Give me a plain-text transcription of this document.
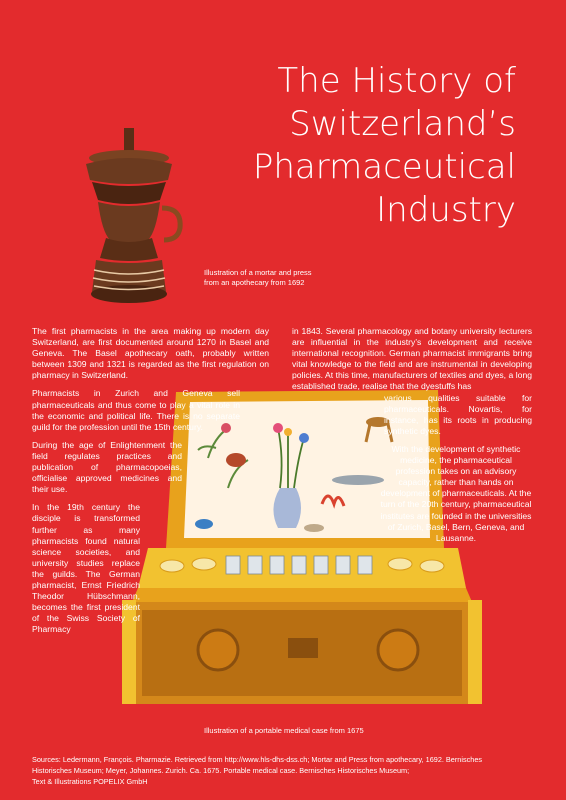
The History of
Switzerland’s
Pharmaceutical
Industry
Illustration of a mortar and press
from an apothecary from 1692

The first pharmacists in the area making up modern day Switzerland, are first documented around 1270 in Basel and Geneva. The Basel apothecary oath, probably written between 1309 and 1321 is regarded as the first regulation on pharmacy in Switzerland.

Pharmacists in Zurich and Geneva sell pharmaceuticals and thus come to play a vital role in the economic and political life. There is no separate guild for the profession until the 15th century.

During the age of Enlightenment the field regulates practices and publication of pharmacopoeias, officialise approved medicines and their use.

In the 19th century the disciple is transformed further as many pharmacists found natural science societies, and university studies replace the guilds. The German pharmacist, Ernst Friedrich Theodor Hübschmann, becomes the first president of the Swiss Society of Pharmacy

in 1843. Several pharmacology and botany university lecturers are influential in the industry’s development and receive international recognition. German pharmacist immigrants bring vital knowledge to the field and are instrumental in developing policies. At this time, manufacturers of textiles and dyes, a long established trade, realise that the dyestuffs has

various qualities suitable for pharmaceuticals. Novartis, for instance, has its roots in producing synthetic dyes.

With the development of synthetic medicine, the pharmaceutical profession takes on an advisory capacity, rather than hands on development of pharmaceuticals. At the turn of the 20th century, pharmaceutical institutes are founded in the universities of Zurich, Basel, Bern, Geneva, and Lausanne.

Illustration of a portable medical case from 1675
Sources: Ledermann, François. Pharmazie. Retrieved from http://www.hls-dhs-dss.ch; Mortar and Press from apothecary, 1692. Bernisches
Historisches Museum; Meyer, Johannes. Zurich. Ca. 1675. Portable medical case. Bernisches Historisches Museum;
Text & Illustrations POPELIX GmbH
